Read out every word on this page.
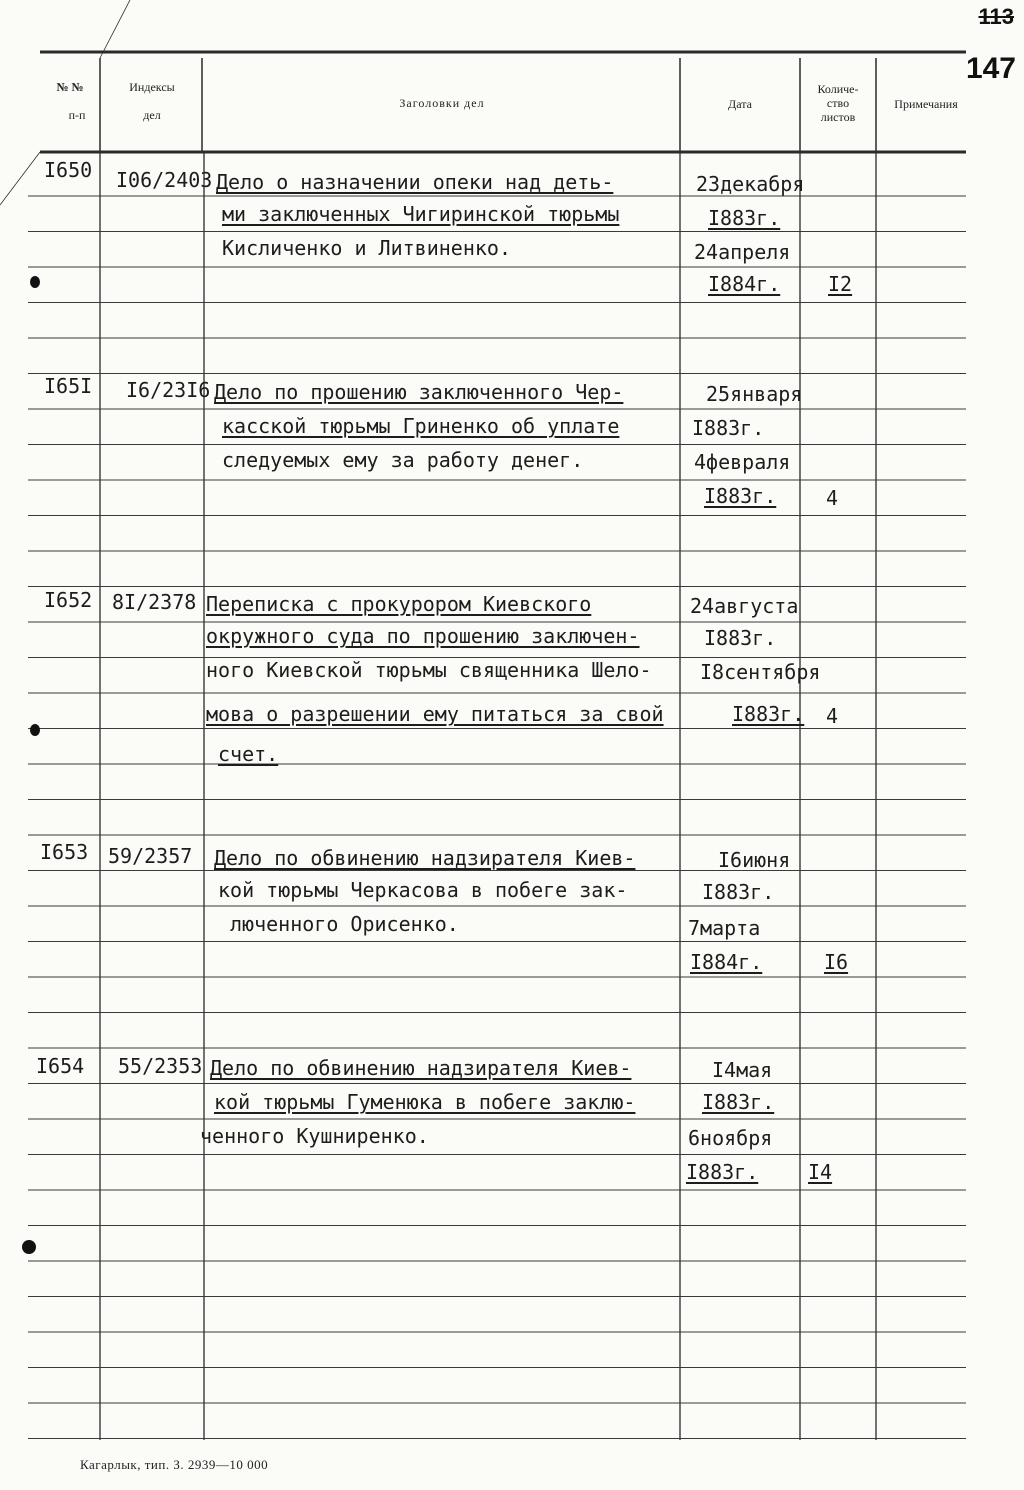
113
147
№ №
п-п
Индексы
дел
Заголовки дел	Дата
Количе-
ство
листов
Примечания
I650 I06/2403 Дело о назначении опеки над деть-
ми заключенных Чигиринской тюрьмы
Кисличенко и Литвиненко.
23декабря
I883г.
24апреля
I884г. I2
I65I I6/23I6 Дело по прошению заключенного Чер-
касской тюрьмы Гриненко об уплате
следуемых ему за работу денег.
25января
I883г.
4февраля
I883г. 4
I652 8I/2378 Переписка с прокурором Киевского
окружного суда по прошению заключен-
ного Киевской тюрьмы священника Шело-
мова о разрешении ему питаться за свой
счет.
24августа
I883г.
I8сентября
I883г. 4
I653 59/2357 Дело по обвинению надзирателя Киев-
кой тюрьмы Черкасова в побеге зак-
люченного Орисенко.
I6июня
I883г.
7марта
I884г.	I6
I654 55/2353 Дело по обвинению надзирателя Киев-
кой тюрьмы Гуменюка в побеге заклю-
ченного Кушниренко.
I4мая
I883г.
6ноября
I883г. I4
Кагарлык, тип. З. 2939—10 000
